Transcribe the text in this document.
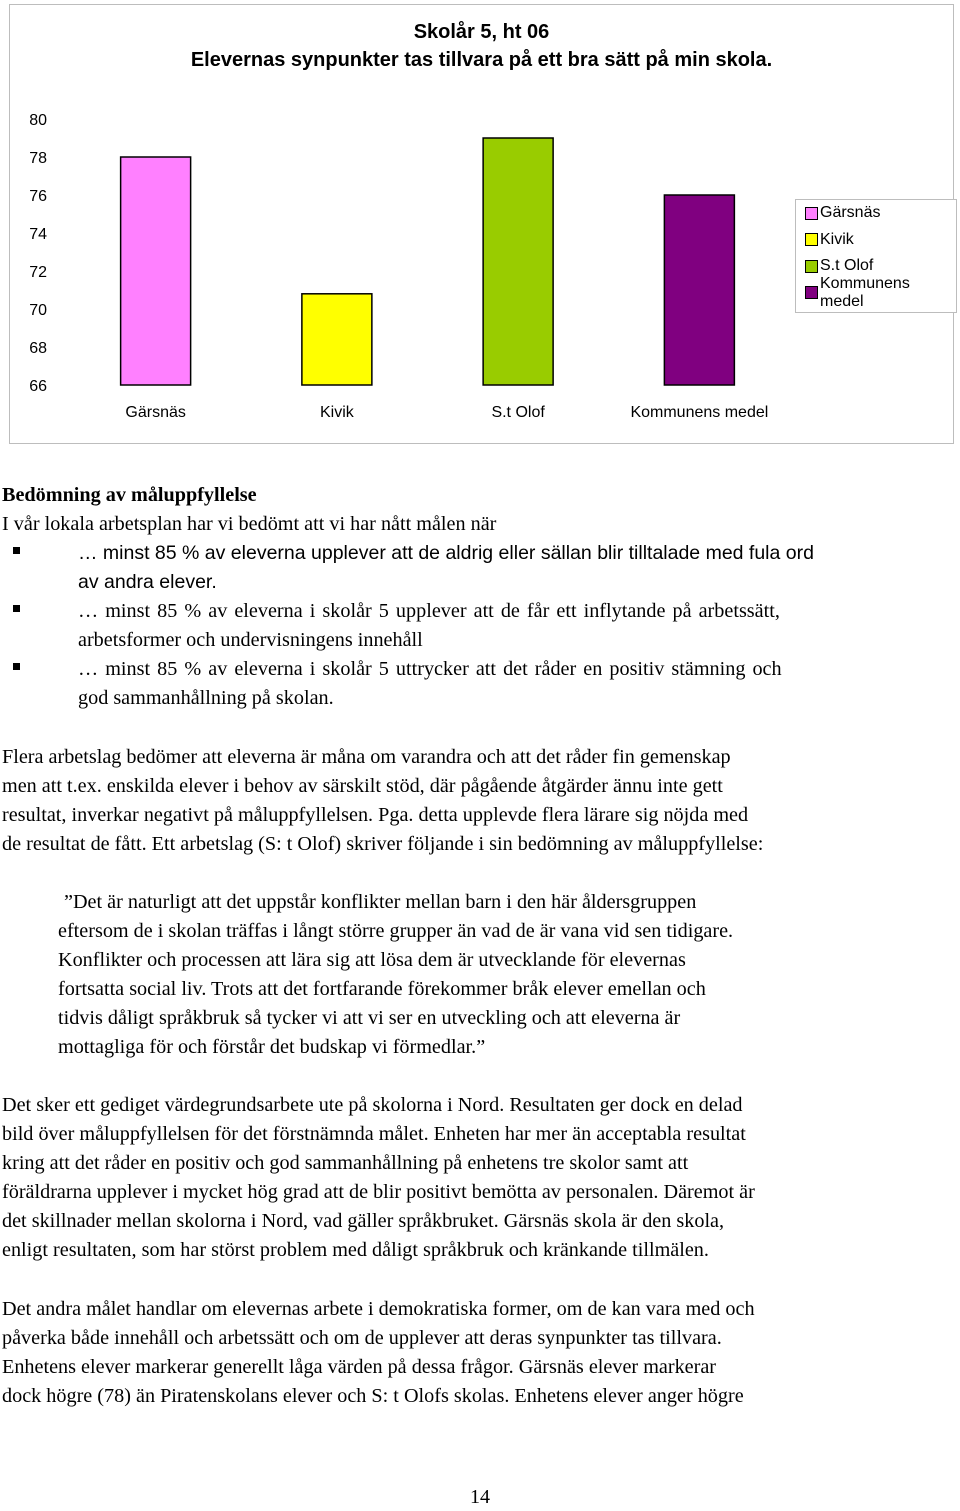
Skolår 5, ht 06
Elevernas synpunkter tas tillvara på ett bra sätt på min skola.
80
78
76
74
72
70
68
66
Gärsnäs	Kivik	S.t Olof	Kommunens medel
Gärsnäs
Kivik
S.t Olof
Kommunens medel
Bedömning av måluppfyllelse
I vår lokala arbetsplan har vi bedömt att vi har nått målen när
… minst 85 % av eleverna upplever att de aldrig eller sällan blir tilltalade med fula ord
av andra elever.
… minst 85 % av eleverna i skolår 5 upplever att de får ett inflytande på arbetssätt,
arbetsformer och undervisningens innehåll
… minst 85 % av eleverna i skolår 5 uttrycker att det råder en positiv stämning och
god sammanhållning på skolan.
Flera arbetslag bedömer att eleverna är måna om varandra och att det råder fin gemenskap
men att t.ex. enskilda elever i behov av särskilt stöd, där pågående åtgärder ännu inte gett
resultat, inverkar negativt på måluppfyllelsen. Pga. detta upplevde flera lärare sig nöjda med
de resultat de fått. Ett arbetslag (S: t Olof) skriver följande i sin bedömning av måluppfyllelse:
”Det är naturligt att det uppstår konflikter mellan barn i den här åldersgruppen
eftersom de i skolan träffas i långt större grupper än vad de är vana vid sen tidigare.
Konflikter och processen att lära sig att lösa dem är utvecklande för elevernas
fortsatta social liv. Trots att det fortfarande förekommer bråk elever emellan och
tidvis dåligt språkbruk så tycker vi att vi ser en utveckling och att eleverna är
mottagliga för och förstår det budskap vi förmedlar.”
Det sker ett gediget värdegrundsarbete ute på skolorna i Nord. Resultaten ger dock en delad
bild över måluppfyllelsen för det förstnämnda målet. Enheten har mer än acceptabla resultat
kring att det råder en positiv och god sammanhållning på enhetens tre skolor samt att
föräldrarna upplever i mycket hög grad att de blir positivt bemötta av personalen. Däremot är
det skillnader mellan skolorna i Nord, vad gäller språkbruket. Gärsnäs skola är den skola,
enligt resultaten, som har störst problem med dåligt språkbruk och kränkande tillmälen.
Det andra målet handlar om elevernas arbete i demokratiska former, om de kan vara med och
påverka både innehåll och arbetssätt och om de upplever att deras synpunkter tas tillvara.
Enhetens elever markerar generellt låga värden på dessa frågor. Gärsnäs elever markerar
dock högre (78) än Piratenskolans elever och S: t Olofs skolas. Enhetens elever anger högre
14
